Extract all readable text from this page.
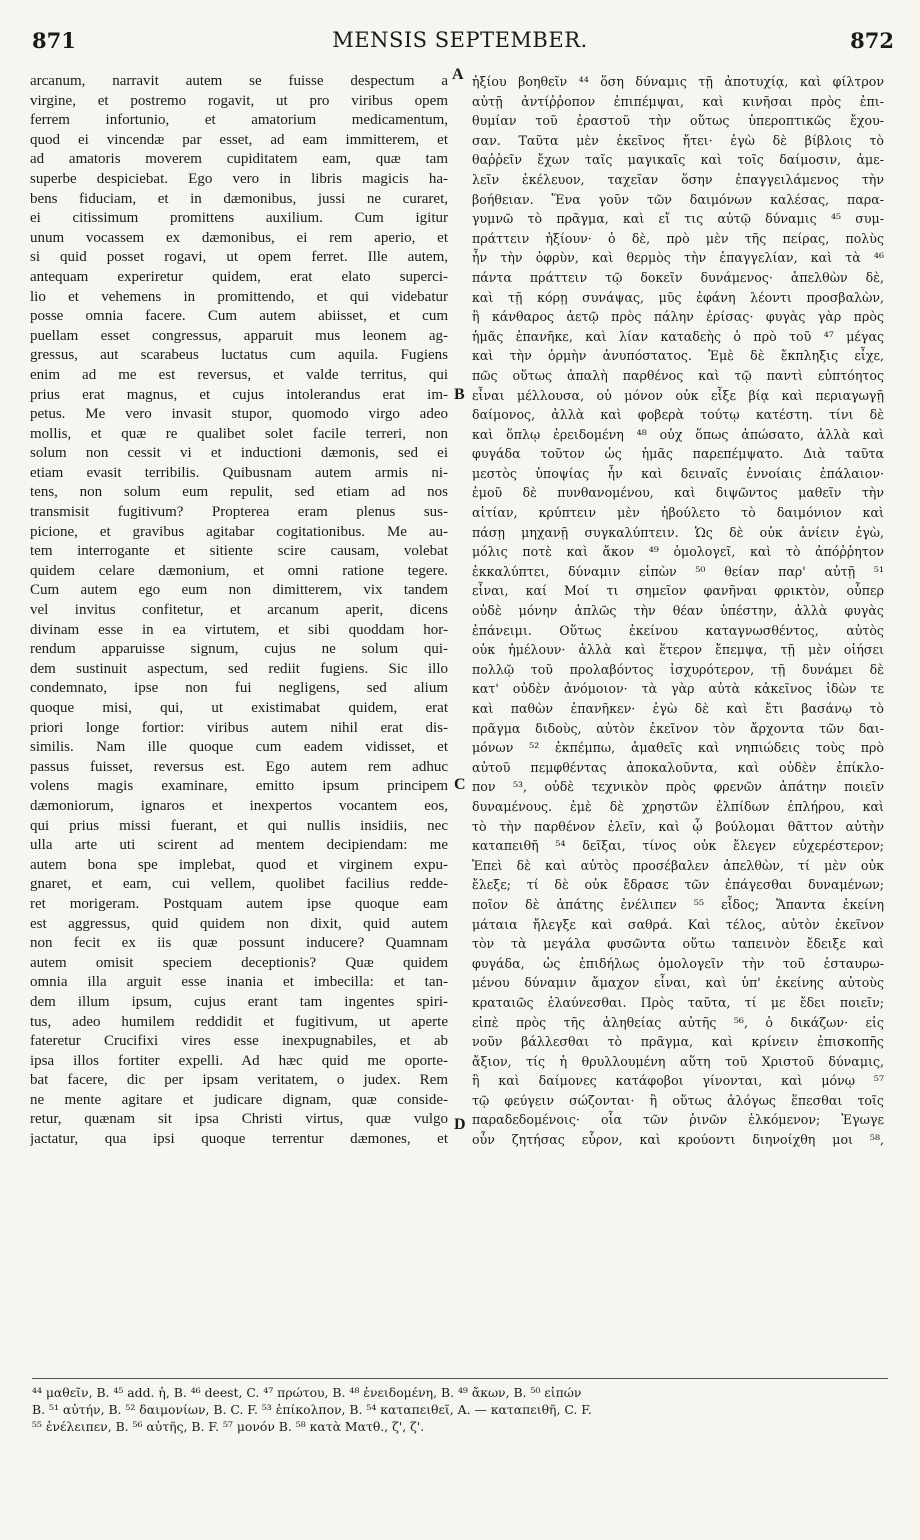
871	MENSIS SEPTEMBER.	872
arcanum, narravit autem se fuisse despectum a
virgine, et postremo rogavit, ut pro viribus opem
ferrem infortunio, et amatorium medicamentum,
quod ei vincendæ par esset, ad eam immitterem, et
ad amatoris moverem cupiditatem eam, quæ tam
superbe despiciebat. Ego vero in libris magicis ha-
bens fiduciam, et in dæmonibus, jussi ne curaret,
ei citissimum promittens auxilium. Cum igitur
unum vocassem ex dæmonibus, ei rem aperio, et
si quid posset rogavi, ut opem ferret. Ille autem,
antequam experiretur quidem, erat elato superci-
lio et vehemens in promittendo, et qui videbatur
posse omnia facere. Cum autem abiisset, et cum
puellam esset congressus, apparuit mus leonem ag-
gressus, aut scarabeus luctatus cum aquila. Fugiens
enim ad me est reversus, et valde territus, qui
prius erat magnus, et cujus intolerandus erat im-
petus. Me vero invasit stupor, quomodo virgo adeo
mollis, et quæ re qualibet solet facile terreri, non
solum non cessit vi et inductioni dæmonis, sed ei
etiam evasit terribilis. Quibusnam autem armis ni-
tens, non solum eum repulit, sed etiam ad nos
transmisit fugitivum? Propterea eram plenus sus-
picione, et gravibus agitabar cogitationibus. Me au-
tem interrogante et sitiente scire causam, volebat
quidem celare dæmonium, et omni ratione tegere.
Cum autem ego eum non dimitterem, vix tandem
vel invitus confitetur, et arcanum aperit, dicens
divinam esse in ea virtutem, et sibi quoddam hor-
rendum apparuisse signum, cujus ne solum qui-
dem sustinuit aspectum, sed rediit fugiens. Sic illo
condemnato, ipse non fui negligens, sed alium
quoque misi, qui, ut existimabat quidem, erat
priori longe fortior: viribus autem nihil erat dis-
similis. Nam ille quoque cum eadem vidisset, et
passus fuisset, reversus est. Ego autem rem adhuc
volens magis examinare, emitto ipsum principem
dæmoniorum, ignaros et inexpertos vocantem eos,
qui prius missi fuerant, et qui nullis insidiis, nec
ulla arte uti scirent ad mentem decipiendam: me
autem bona spe implebat, quod et virginem expu-
gnaret, et eam, cui vellem, quolibet facilius redde-
ret morigeram. Postquam autem ipse quoque eam
est aggressus, quid quidem non dixit, quid autem
non fecit ex iis quæ possunt inducere? Quamnam
autem omisit speciem deceptionis? Quæ quidem
omnia illa arguit esse inania et imbecilla: et tan-
dem illum ipsum, cujus erant tam ingentes spiri-
tus, adeo humilem reddidit et fugitivum, ut aperte
fateretur Crucifixi vires esse inexpugnabiles, et ab
ipsa illos fortiter expelli. Ad hæc quid me oporte-
bat facere, dic per ipsam veritatem, o judex. Rem
ne mente agitare et judicare dignam, quæ conside-
retur, quænam sit ipsa Christi virtus, quæ vulgo
jactatur, qua ipsi quoque terrentur dæmones, et
ἠξίου βοηθεῖν ⁴⁴ ὅση δύναμις τῇ ἀποτυχίᾳ, καὶ φίλτρον
αὐτῇ ἀντίῤῥοπον ἐπιπέμψαι, καὶ κινῆσαι πρὸς ἐπι-
θυμίαν τοῦ ἐραστοῦ τὴν οὕτως ὑπεροπτικῶς ἔχου-
σαν. Ταῦτα μὲν ἐκεῖνος ἤτει· ἐγὼ δὲ βίβλοις τὸ
θαῤῥεῖν ἔχων ταῖς μαγικαῖς καὶ τοῖς δαίμοσιν, ἀμε-
λεῖν ἐκέλευον, ταχεῖαν ὅσην ἐπαγγειλάμενος τὴν
βοήθειαν. Ἕνα γοῦν τῶν δαιμόνων καλέσας, παρα-
γυμνῶ τὸ πρᾶγμα, καὶ εἴ τις αὐτῷ δύναμις ⁴⁵ συμ-
πράττειν ἠξίουν· ὁ δὲ, πρὸ μὲν τῆς πείρας, πολὺς
ἦν τὴν ὀφρὺν, καὶ θερμὸς τὴν ἐπαγγελίαν, καὶ τὰ ⁴⁶
πάντα πράττειν τῷ δοκεῖν δυνάμενος· ἀπελθὼν δὲ,
καὶ τῇ κόρῃ συνάψας, μῦς ἐφάνη λέοντι προσβαλὼν,
ἢ κάνθαρος ἀετῷ πρὸς πάλην ἐρίσας· φυγὰς γὰρ πρὸς
ἡμᾶς ἐπανῆκε, καὶ λίαν καταδεὴς ὁ πρὸ τοῦ ⁴⁷ μέγας
καὶ τὴν ὁρμὴν ἀνυπόστατος. Ἐμὲ δὲ ἔκπληξις εἶχε,
πῶς οὕτως ἁπαλὴ παρθένος καὶ τῷ παντὶ εὐπτόητος
εἶναι μέλλουσα, οὐ μόνον οὐκ εἶξε βίᾳ καὶ περιαγωγῇ
δαίμονος, ἀλλὰ καὶ φοβερὰ τούτῳ κατέστη. τίνι δὲ
καὶ ὅπλῳ ἐρειδομένη ⁴⁸ οὐχ ὅπως ἀπώσατο, ἀλλὰ καὶ
φυγάδα τοῦτον ὡς ἡμᾶς παρεπέμψατο. Διὰ ταῦτα
μεστὸς ὑποψίας ἦν καὶ δειναῖς ἐννοίαις ἐπάλαιον·
ἐμοῦ δὲ πυνθανομένου, καὶ διψῶντος μαθεῖν τὴν
αἰτίαν, κρύπτειν μὲν ἠβούλετο τὸ δαιμόνιον καὶ
πάσῃ μηχανῇ συγκαλύπτειν. Ὡς δὲ οὐκ ἀνίειν ἐγὼ,
μόλις ποτὲ καὶ ἄκον ⁴⁹ ὁμολογεῖ, καὶ τὸ ἀπόῤῥητον
ἐκκαλύπτει, δύναμιν εἰπὼν ⁵⁰ θείαν παρ' αὐτῇ ⁵¹
εἶναι, καί Μοί τι σημεῖον φανῆναι φρικτὸν, οὗπερ
οὐδὲ μόνην ἁπλῶς τὴν θέαν ὑπέστην, ἀλλὰ φυγὰς
ἐπάνειμι. Οὕτως ἐκείνου καταγνωσθέντος, αὐτὸς
οὐκ ἠμέλουν· ἀλλὰ καὶ ἕτερον ἔπεμψα, τῇ μὲν οἰήσει
πολλῷ τοῦ προλαβόντος ἰσχυρότερον, τῇ δυνάμει δὲ
κατ' οὐδὲν ἀνόμοιον· τὰ γὰρ αὐτὰ κἀκεῖνος ἰδὼν τε
καὶ παθὼν ἐπανῆκεν· ἐγὼ δὲ καὶ ἔτι βασάνῳ τὸ
πρᾶγμα διδοὺς, αὐτὸν ἐκεῖνον τὸν ἄρχοντα τῶν δαι-
μόνων ⁵² ἐκπέμπω, ἀμαθεῖς καὶ νηπιώδεις τοὺς πρὸ
αὐτοῦ πεμφθέντας ἀποκαλοῦντα, καὶ οὐδὲν ἐπίκλο-
πον ⁵³, οὐδὲ τεχνικὸν πρὸς φρενῶν ἀπάτην ποιεῖν
δυναμένους. ἐμὲ δὲ χρηστῶν ἐλπίδων ἐπλήρου, καὶ
τὸ τὴν παρθένον ἑλεῖν, καὶ ᾧ βούλομαι θᾶττον αὐτὴν
καταπειθῆ ⁵⁴ δεῖξαι, τίνος οὐκ ἔλεγεν εὐχερέστερον;
Ἐπεὶ δὲ καὶ αὐτὸς προσέβαλεν ἀπελθὼν, τί μὲν οὐκ
ἔλεξε; τί δὲ οὐκ ἔδρασε τῶν ἐπάγεσθαι δυναμένων;
ποῖον δὲ ἀπάτης ἐνέλιπεν ⁵⁵ εἶδος; Ἅπαντα ἐκείνη
μάταια ἤλεγξε καὶ σαθρά. Καὶ τέλος, αὐτὸν ἐκεῖνον
τὸν τὰ μεγάλα φυσῶντα οὕτω ταπεινὸν ἔδειξε καὶ
φυγάδα, ὡς ἐπιδήλως ὁμολογεῖν τὴν τοῦ ἐσταυρω-
μένου δύναμιν ἄμαχον εἶναι, καὶ ὑπ' ἐκείνης αὐτοὺς
κραταιῶς ἐλαύνεσθαι. Πρὸς ταῦτα, τί με ἔδει ποιεῖν;
εἰπὲ πρὸς τῆς ἀληθείας αὐτῆς ⁵⁶, ὁ δικάζων· εἰς
νοῦν βάλλεσθαι τὸ πρᾶγμα, καὶ κρίνειν ἐπισκοπῆς
ἄξιον, τίς ἡ θρυλλουμένη αὕτη τοῦ Χριστοῦ δύναμις,
ἣ καὶ δαίμονες κατάφοβοι γίνονται, καὶ μόνῳ ⁵⁷
τῷ φεύγειν σώζονται· ἢ οὕτως ἀλόγως ἕπεσθαι τοῖς
παραδεδομένοις· οἷα τῶν ῥινῶν ἑλκόμενον; Ἐγωγε
οὖν ζητήσας εὗρον, καὶ κρούοντι διηνοίχθη μοι ⁵⁸,
A
B
C
D
⁴⁴ μαθεῖν, B. ⁴⁵ add. ἡ, B. ⁴⁶ deest, C. ⁴⁷ πρώτου, B. ⁴⁸ ἐνειδομένη, B. ⁴⁹ ἄκων, B. ⁵⁰ εἰπών
B. ⁵¹ αὐτήν, B. ⁵² δαιμονίων, B. C. F. ⁵³ ἐπίκολπον, B. ⁵⁴ καταπειθεῖ, A. — καταπειθῆ, C. F.
⁵⁵ ἐνέλειπεν, B. ⁵⁶ αὐτῆς, B. F. ⁵⁷ μονόν B. ⁵⁸ κατὰ Ματθ., ζ', ζ'.
